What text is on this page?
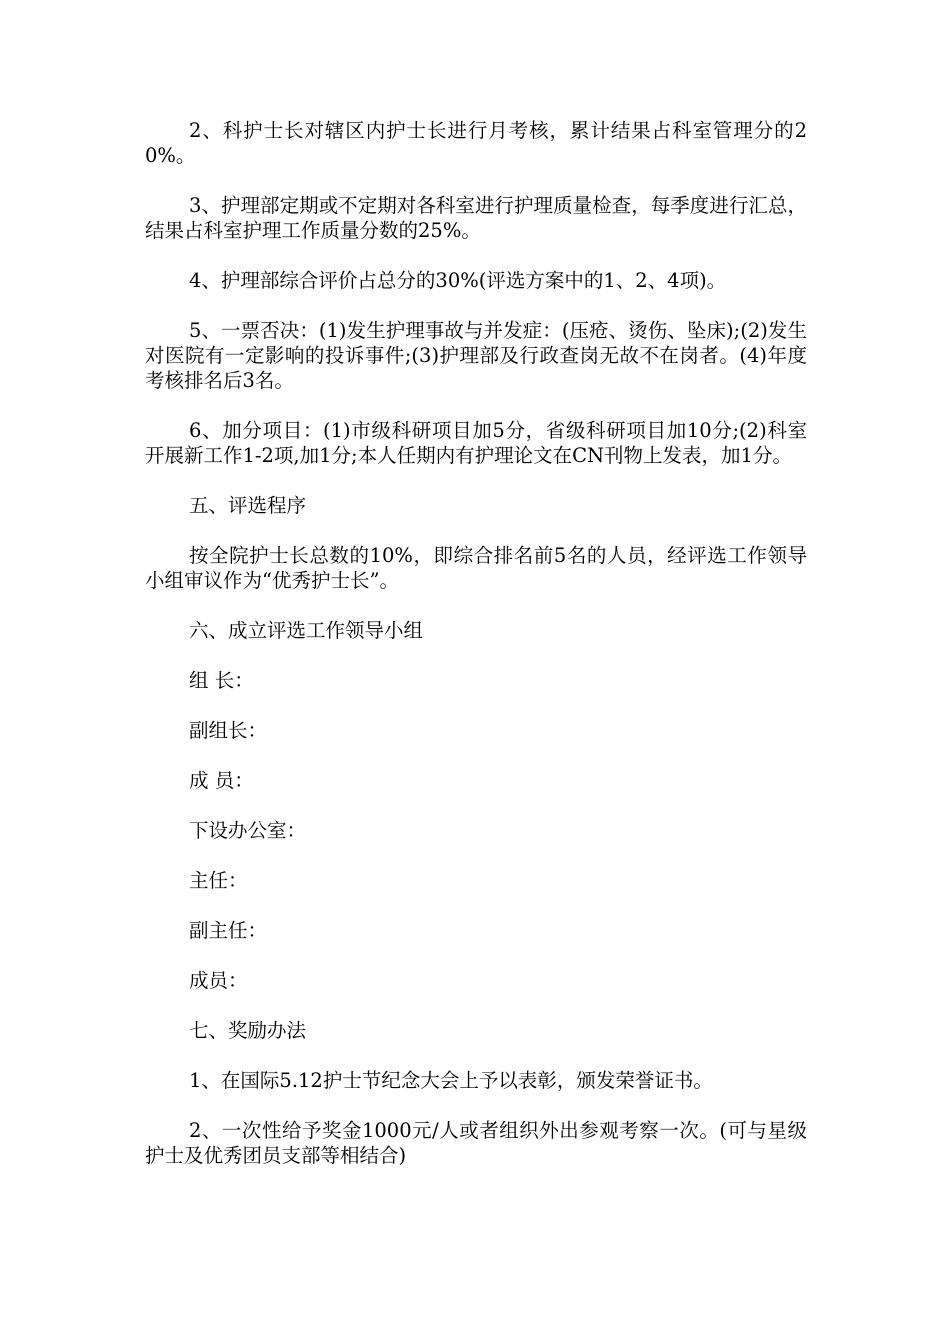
2、科护士长对辖区内护士长进行月考核，累计结果占科室管理分的20%。

3、护理部定期或不定期对各科室进行护理质量检查，每季度进行汇总，结果占科室护理工作质量分数的25%。

4、护理部综合评价占总分的30%(评选方案中的1、2、4项)。

5、一票否决：(1)发生护理事故与并发症：(压疮、烫伤、坠床);(2)发生对医院有一定影响的投诉事件;(3)护理部及行政查岗无故不在岗者。(4)年度考核排名后3名。

6、加分项目：(1)市级科研项目加5分，省级科研项目加10分;(2)科室开展新工作1-2项,加1分;本人任期内有护理论文在CN刊物上发表，加1分。

五、评选程序

按全院护士长总数的10%，即综合排名前5名的人员，经评选工作领导小组审议作为“优秀护士长”。

六、成立评选工作领导小组

组 长：

副组长：

成 员：

下设办公室：

主任：

副主任：

成员：

七、奖励办法

1、在国际5.12护士节纪念大会上予以表彰，颁发荣誉证书。

2、一次性给予奖金1000元/人或者组织外出参观考察一次。(可与星级护士及优秀团员支部等相结合)
